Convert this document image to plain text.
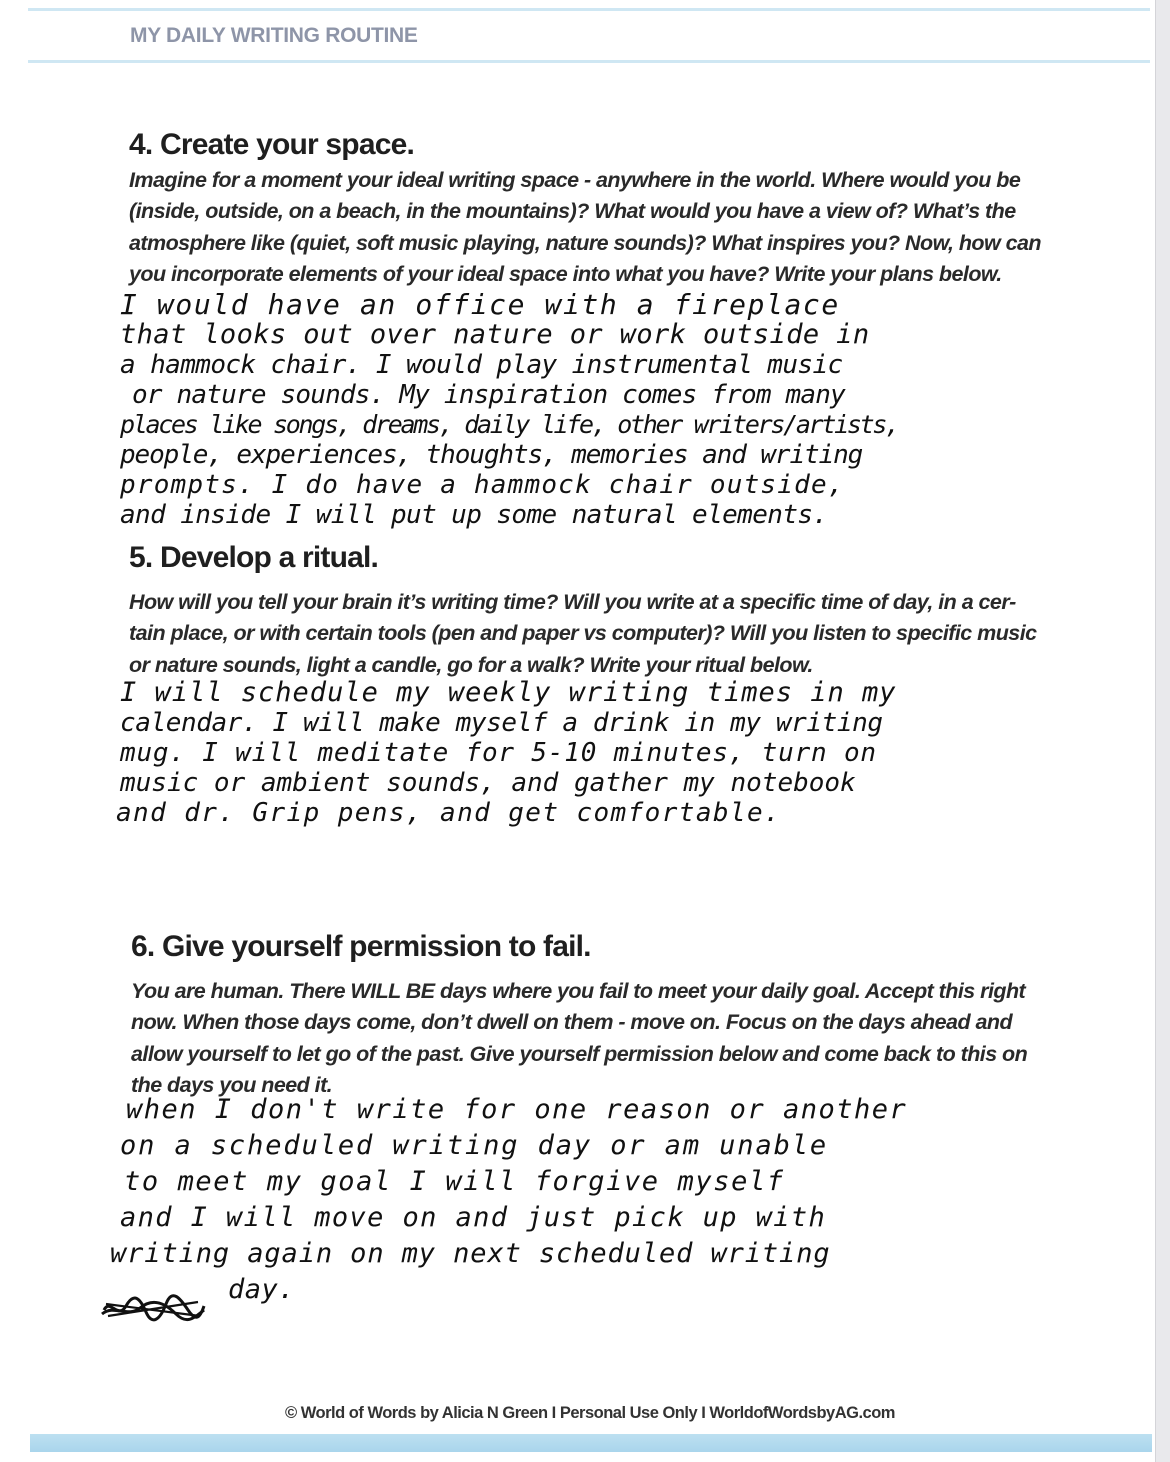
MY DAILY WRITING ROUTINE
4. Create your space.
Imagine for a moment your ideal writing space - anywhere in the world. Where would you be
(inside, outside, on a beach, in the mountains)? What would you have a view of? What’s the
atmosphere like (quiet, soft music playing, nature sounds)? What inspires you? Now, how can
you incorporate elements of your ideal space into what you have? Write your plans below.
I would have an office with a fireplace
that looks out over nature or work outside in
a hammock chair. I would play instrumental music
or nature sounds. My inspiration comes from many
places like songs, dreams, daily life, other writers/artists,
people, experiences, thoughts, memories and writing
prompts. I do have a hammock chair outside,
and inside I will put up some natural elements.
5. Develop a ritual.
How will you tell your brain it’s writing time? Will you write at a specific time of day, in a cer-
tain place, or with certain tools (pen and paper vs computer)? Will you listen to specific music
or nature sounds, light a candle, go for a walk? Write your ritual below.
I will schedule my weekly writing times in my
calendar. I will make myself a drink in my writing
mug. I will meditate for 5-10 minutes, turn on
music or ambient sounds, and gather my notebook
and dr. Grip pens, and get comfortable.
6. Give yourself permission to fail.
You are human. There WILL BE days where you fail to meet your daily goal. Accept this right
now. When those days come, don’t dwell on them - move on. Focus on the days ahead and
allow yourself to let go of the past. Give yourself permission below and come back to this on
the days you need it.
when I don't write for one reason or another
on a scheduled writing day or am unable
to meet my goal I will forgive myself
and I will move on and just pick up with
writing again on my next scheduled writing
day.
© World of Words by Alicia N Green I Personal Use Only I WorldofWordsbyAG.com
